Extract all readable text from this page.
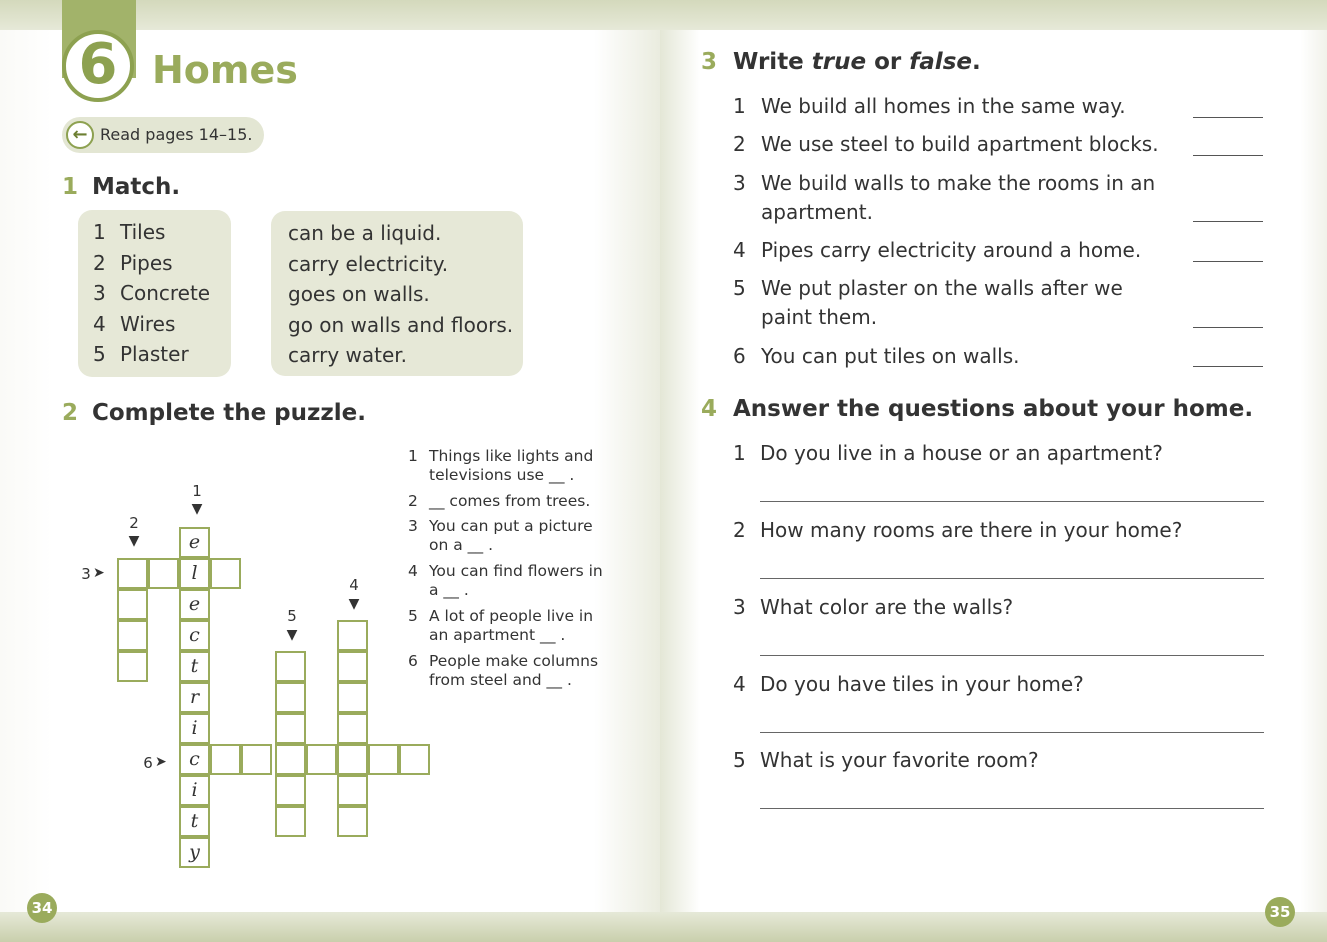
6 Homes
← Read pages 14–15.
1 Match.
1 Tiles
2 Pipes
3 Concrete
4 Wires
5 Plaster
can be a liquid.
carry electricity.
goes on walls.
go on walls and floors.
carry water.
2 Complete the puzzle.
e
l
e
c
t
r
i
c
i
t
y
1
▼
2
▼
3 ➤
4
▼
5
▼
6 ➤
1 Things like lights and televisions use __ .
2 __ comes from trees.
3 You can put a picture on a __ .
4 You can find flowers in a __ .
5 A lot of people live in an apartment __ .
6 People make columns from steel and __ .
34
3 Write true or false.
1 We build all homes in the same way.
2 We use steel to build apartment blocks.
3 We build walls to make the rooms in an apartment.
4 Pipes carry electricity around a home.
5 We put plaster on the walls after we paint them.
6 You can put tiles on walls.
4 Answer the questions about your home.
1 Do you live in a house or an apartment?
2 How many rooms are there in your home?
3 What color are the walls?
4 Do you have tiles in your home?
5 What is your favorite room?
35
